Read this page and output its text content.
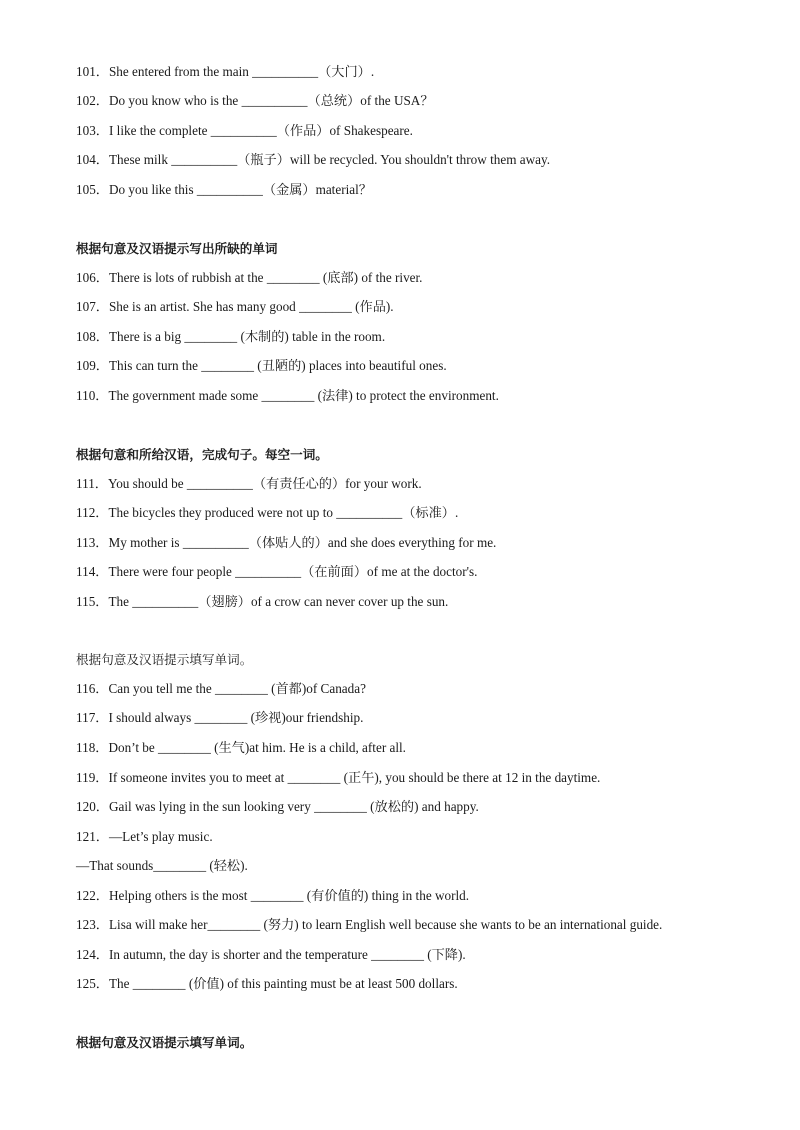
101．She entered from the main __________（大门）.
102．Do you know who is the __________（总统）of the USA？
103．I like the complete __________（作品）of Shakespeare.
104．These milk __________（瓶子）will be recycled. You shouldn't throw them away.
105．Do you like this __________（金属）material？
根据句意及汉语提示写出所缺的单词
106．There is lots of rubbish at the ________ (底部) of the river.
107．She is an artist. She has many good ________ (作品).
108．There is a big ________ (木制的) table in the room.
109．This can turn the ________ (丑陋的) places into beautiful ones.
110．The government made some ________ (法律) to protect the environment.
根据句意和所给汉语，完成句子。每空一词。
111．You should be __________（有责任心的）for your work.
112．The bicycles they produced were not up to __________（标准）.
113．My mother is __________（体贴人的）and she does everything for me.
114．There were four people __________（在前面）of me at the doctor's.
115．The __________（翅膀）of a crow can never cover up the sun.
根据句意及汉语提示填写单词。
116．Can you tell me the ________ (首都)of Canada?
117．I should always ________ (珍视)our friendship.
118．Don’t be ________ (生气)at him. He is a child, after all.
119．If someone invites you to meet at ________ (正午), you should be there at 12 in the daytime.
120．Gail was lying in the sun looking very ________ (放松的) and happy.
121．—Let’s play music.
—That sounds________ (轻松).
122．Helping others is the most ________ (有价值的) thing in the world.
123．Lisa will make her________ (努力) to learn English well because she wants to be an international guide.
124．In autumn, the day is shorter and the temperature ________ (下降).
125．The ________ (价值) of this painting must be at least 500 dollars.
根据句意及汉语提示填写单词。
